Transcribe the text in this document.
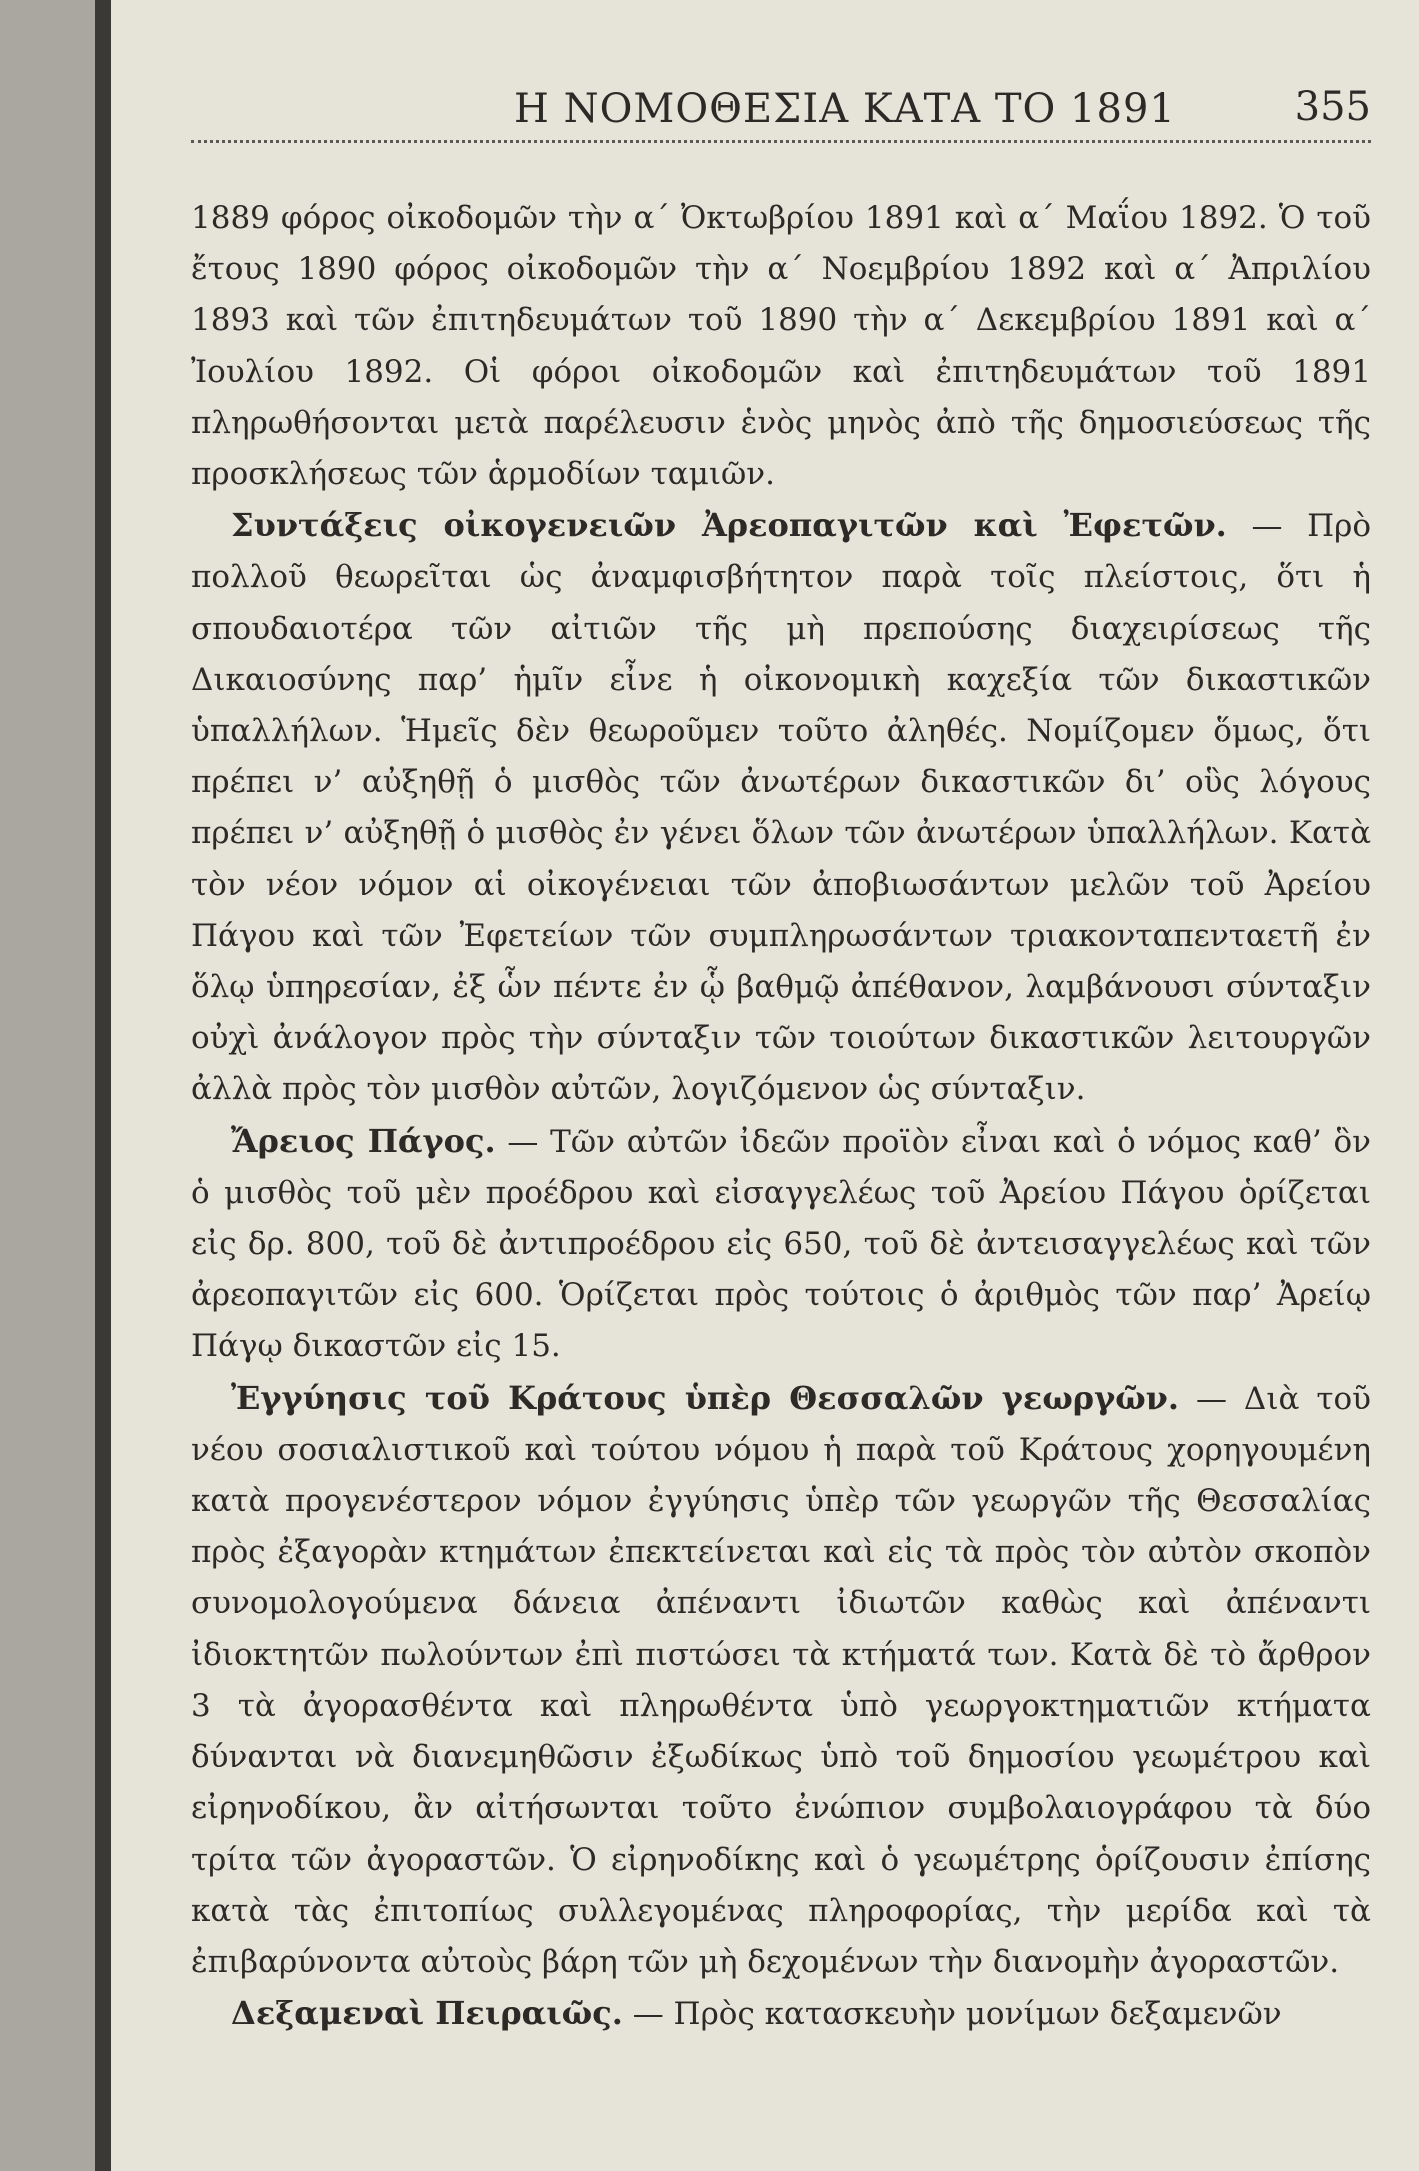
Η ΝΟΜΟΘΕΣΙΑ ΚΑΤΑ ΤΟ 1891	355

1889 φόρος οἰκοδομῶν τὴν α΄ Ὀκτωβρίου 1891 καὶ α΄ Μαΐου 1892. Ὁ τοῦ ἔτους 1890 φόρος οἰκοδομῶν τὴν α΄ Νοεμβρίου 1892 καὶ α΄ Ἀπριλίου 1893 καὶ τῶν ἐπιτηδευμάτων τοῦ 1890 τὴν α΄ Δεκεμβρίου 1891 καὶ α΄ Ἰουλίου 1892. Οἱ φόροι οἰκοδομῶν καὶ ἐπιτηδευμάτων τοῦ 1891 πληρωθήσονται μετὰ παρέλευσιν ἑνὸς μηνὸς ἀπὸ τῆς δημοσιεύσεως τῆς προσκλήσεως τῶν ἁρμοδίων ταμιῶν.

Συντάξεις οἰκογενειῶν Ἀρεοπαγιτῶν καὶ Ἐφετῶν. — Πρὸ πολλοῦ θεωρεῖται ὡς ἀναμφισβήτητον παρὰ τοῖς πλείστοις, ὅτι ἡ σπουδαιοτέρα τῶν αἰτιῶν τῆς μὴ πρεπούσης διαχειρίσεως τῆς Δικαιοσύνης παρ’ ἡμῖν εἶνε ἡ οἰκονομικὴ καχεξία τῶν δικαστικῶν ὑπαλλήλων. Ἡμεῖς δὲν θεωροῦμεν τοῦτο ἀληθές. Νομίζομεν ὅμως, ὅτι πρέπει ν’ αὐξηθῇ ὁ μισθὸς τῶν ἀνωτέρων δικαστικῶν δι’ οὓς λόγους πρέπει ν’ αὐξηθῇ ὁ μισθὸς ἐν γένει ὅλων τῶν ἀνωτέρων ὑπαλλήλων. Κατὰ τὸν νέον νόμον αἱ οἰκογένειαι τῶν ἀποβιωσάντων μελῶν τοῦ Ἀρείου Πάγου καὶ τῶν Ἐφετείων τῶν συμπληρωσάντων τριακονταπενταετῆ ἐν ὅλῳ ὑπηρεσίαν, ἐξ ὧν πέντε ἐν ᾧ βαθμῷ ἀπέθανον, λαμβάνουσι σύνταξιν οὐχὶ ἀνάλογον πρὸς τὴν σύνταξιν τῶν τοιούτων δικαστικῶν λειτουργῶν ἀλλὰ πρὸς τὸν μισθὸν αὐτῶν, λογιζόμενον ὡς σύνταξιν.

Ἄρειος Πάγος. — Τῶν αὐτῶν ἰδεῶν προϊὸν εἶναι καὶ ὁ νόμος καθ’ ὃν ὁ μισθὸς τοῦ μὲν προέδρου καὶ εἰσαγγελέως τοῦ Ἀρείου Πάγου ὁρίζεται εἰς δρ. 800, τοῦ δὲ ἀντιπροέδρου εἰς 650, τοῦ δὲ ἀντεισαγγελέως καὶ τῶν ἀρεοπαγιτῶν εἰς 600. Ὁρίζεται πρὸς τούτοις ὁ ἀριθμὸς τῶν παρ’ Ἀρείῳ Πάγῳ δικαστῶν εἰς 15.

Ἐγγύησις τοῦ Κράτους ὑπὲρ Θεσσαλῶν γεωργῶν. — Διὰ τοῦ νέου σοσιαλιστικοῦ καὶ τούτου νόμου ἡ παρὰ τοῦ Κράτους χορηγουμένη κατὰ προγενέστερον νόμον ἐγγύησις ὑπὲρ τῶν γεωργῶν τῆς Θεσσαλίας πρὸς ἐξαγορὰν κτημάτων ἐπεκτείνεται καὶ εἰς τὰ πρὸς τὸν αὐτὸν σκοπὸν συνομολογούμενα δάνεια ἀπέναντι ἰδιωτῶν καθὼς καὶ ἀπέναντι ἰδιοκτητῶν πωλούντων ἐπὶ πιστώσει τὰ κτήματά των. Κατὰ δὲ τὸ ἄρθρον 3 τὰ ἀγορασθέντα καὶ πληρωθέντα ὑπὸ γεωργοκτηματιῶν κτήματα δύνανται νὰ διανεμηθῶσιν ἐξωδίκως ὑπὸ τοῦ δημοσίου γεωμέτρου καὶ εἰρηνοδίκου, ἂν αἰτήσωνται τοῦτο ἐνώπιον συμβολαιογράφου τὰ δύο τρίτα τῶν ἀγοραστῶν. Ὁ εἰρηνοδίκης καὶ ὁ γεωμέτρης ὁρίζουσιν ἐπίσης κατὰ τὰς ἐπιτοπίως συλλεγομένας πληροφορίας, τὴν μερίδα καὶ τὰ ἐπιβαρύνοντα αὐτοὺς βάρη τῶν μὴ δεχομένων τὴν διανομὴν ἀγοραστῶν.

Δεξαμεναὶ Πειραιῶς. — Πρὸς κατασκευὴν μονίμων δεξαμενῶν
